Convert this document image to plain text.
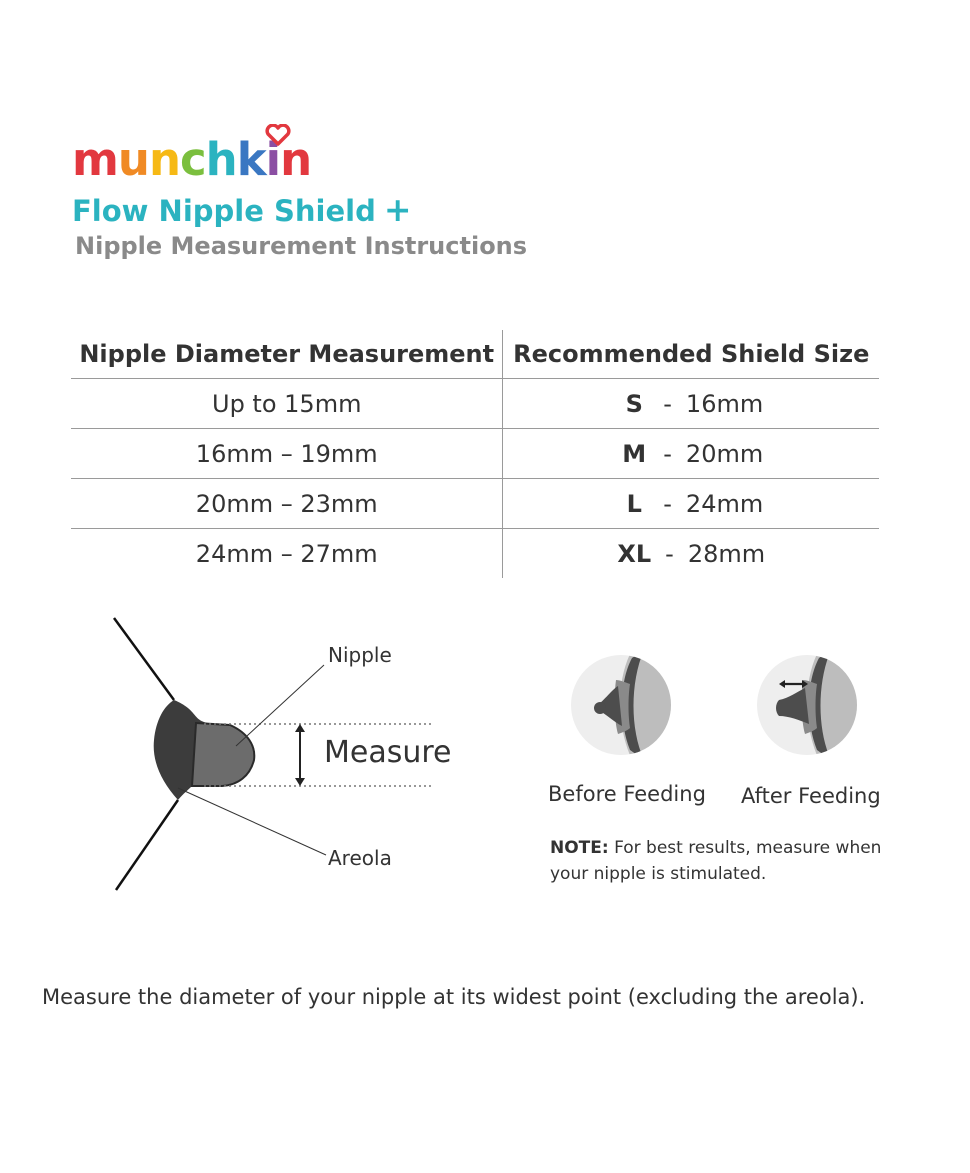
m u n c h k i n
Flow Nipple Shield +
Nipple Measurement Instructions
Nipple Diameter Measurement Recommended Shield Size
Up to 15mm	S - 16mm
16mm – 19mm	M - 20mm
20mm – 23mm	L - 24mm
24mm – 27mm	XL - 28mm
Nipple
Measure
Areola
Before Feeding After Feeding
NOTE: For best results, measure when your nipple is stimulated.
Measure the diameter of your nipple at its widest point (excluding the areola).
